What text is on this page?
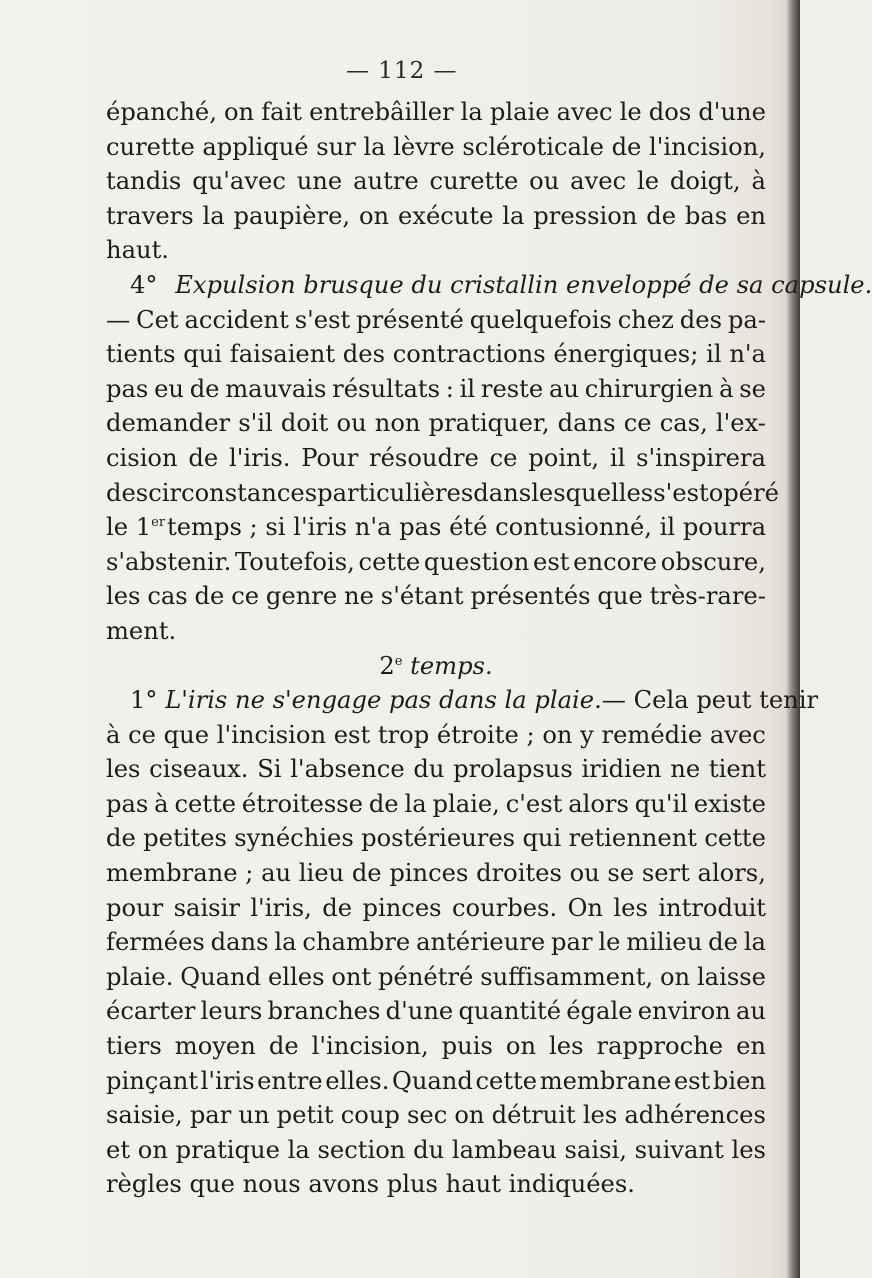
— 112 —
épanché, on fait entrebâiller la plaie avec le dos d'une
curette appliqué sur la lèvre scléroticale de l'incision,
tandis qu'avec une autre curette ou avec le doigt, à
travers la paupière, on exécute la pression de bas en
haut.
4° Expulsion brusque du cristallin enveloppé de sa capsule.
— Cet accident s'est présenté quelquefois chez des pa-
tients qui faisaient des contractions énergiques; il n'a
pas eu de mauvais résultats : il reste au chirurgien à se
demander s'il doit ou non pratiquer, dans ce cas, l'ex-
cision de l'iris. Pour résoudre ce point, il s'inspirera
des circonstances particulières dans lesquelles s'est opéré
le 1er temps ; si l'iris n'a pas été contusionné, il pourra
s'abstenir. Toutefois, cette question est encore obscure,
les cas de ce genre ne s'étant présentés que très-rare-
ment.
2e temps.
1° L'iris ne s'engage pas dans la plaie. — Cela peut tenir
à ce que l'incision est trop étroite ; on y remédie avec
les ciseaux. Si l'absence du prolapsus iridien ne tient
pas à cette étroitesse de la plaie, c'est alors qu'il existe
de petites synéchies postérieures qui retiennent cette
membrane ; au lieu de pinces droites ou se sert alors,
pour saisir l'iris, de pinces courbes. On les introduit
fermées dans la chambre antérieure par le milieu de la
plaie. Quand elles ont pénétré suffisamment, on laisse
écarter leurs branches d'une quantité égale environ au
tiers moyen de l'incision, puis on les rapproche en
pinçant l'iris entre elles. Quand cette membrane est bien
saisie, par un petit coup sec on détruit les adhérences
et on pratique la section du lambeau saisi, suivant les
règles que nous avons plus haut indiquées.
